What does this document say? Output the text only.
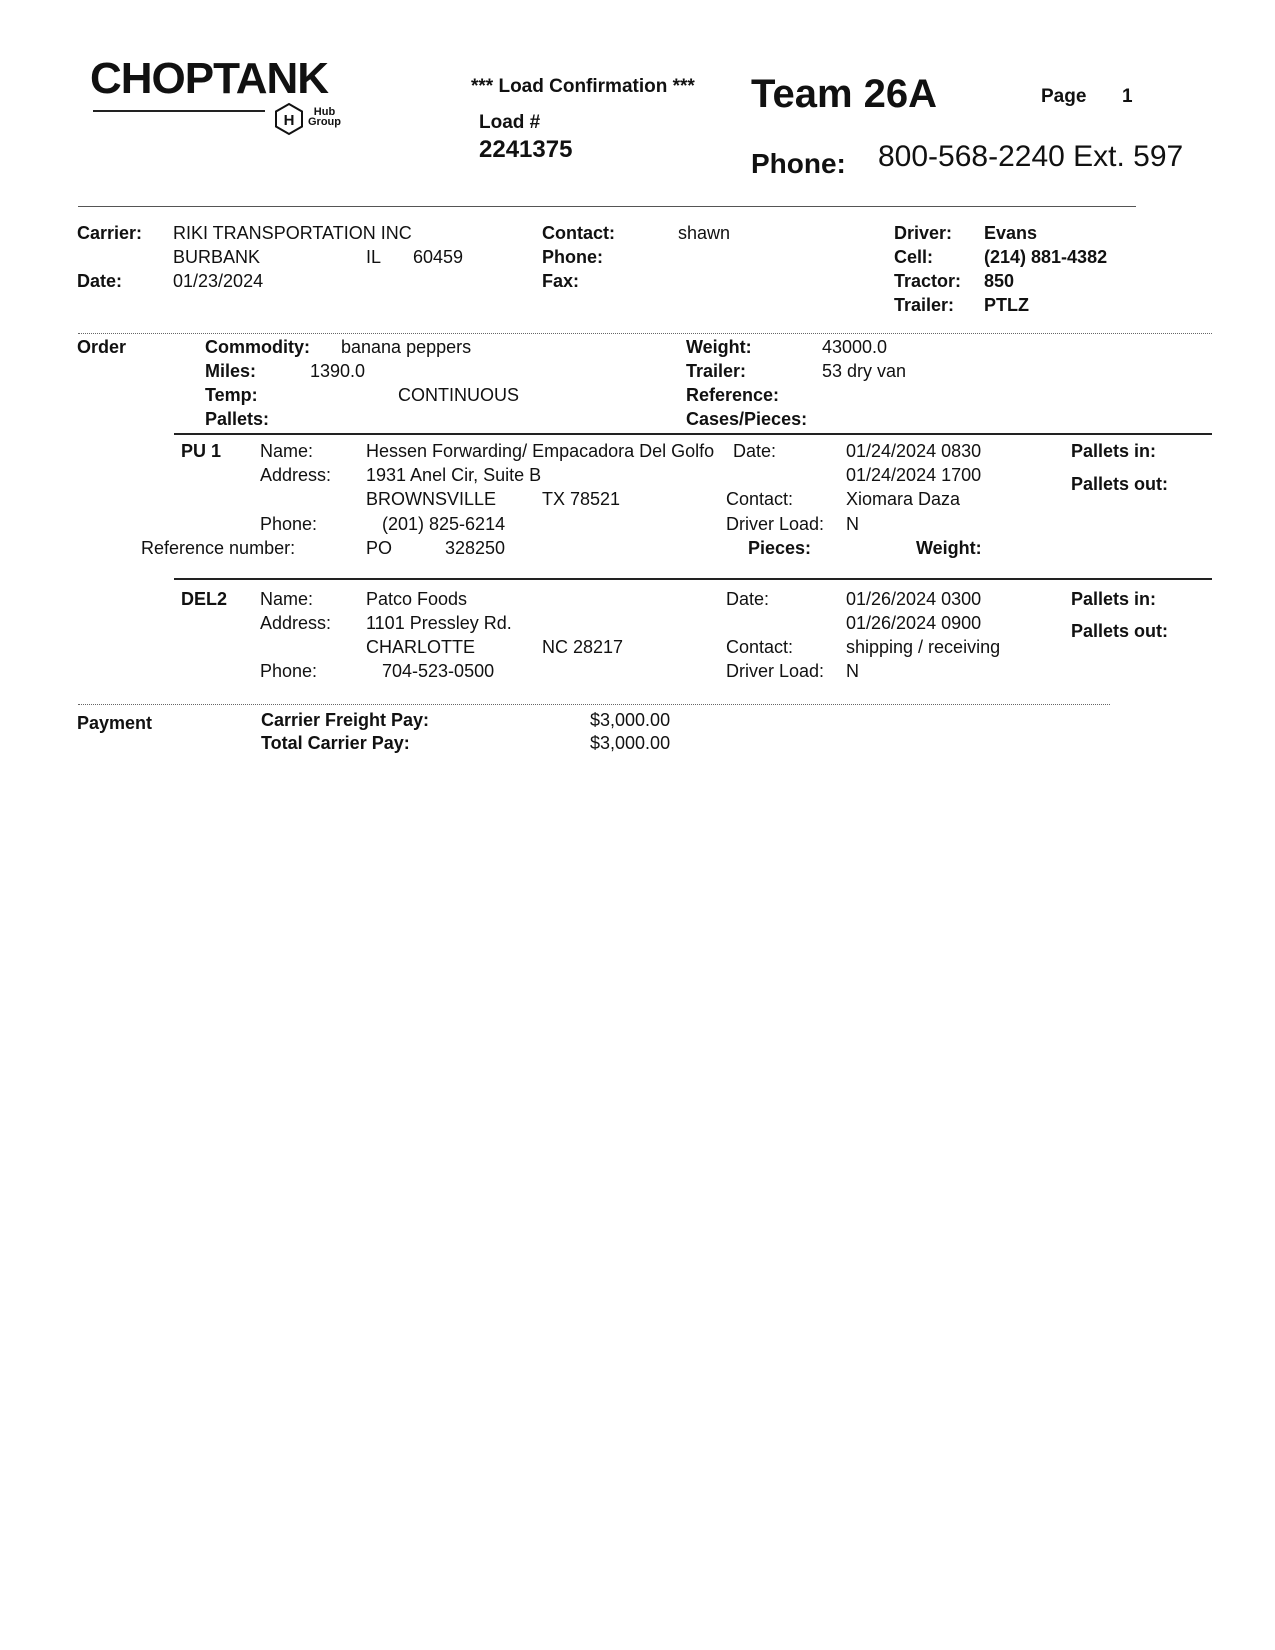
CHOPTANK
H	Hub
Group
*** Load Confirmation ***
Load #
2241375
Team 26A	Page 1
Phone: 800-568-2240 Ext. 597
Carrier: RIKI TRANSPORTATION INC
BURBANK	IL 60459
Date:	01/23/2024
Contact:	shawn
Phone:
Fax:
Driver: Evans
Cell:	(214) 881-4382
Tractor: 850
Trailer: PTLZ
Order	Commodity: banana peppers
Miles:	1390.0
Temp:	CONTINUOUS
Pallets:
Weight:	43000.0
Trailer:	53 dry van
Reference:
Cases/Pieces:
PU 1 Name:	Hessen Forwarding/ Empacadora Del Golfo
Address: 1931 Anel Cir, Suite B
BROWNSVILLE	TX 78521
Phone:	(201) 825-6214
Reference number:	PO	328250
Date:	01/24/2024 0830
01/24/2024 1700
Contact:	Xiomara Daza
Driver Load: N
Pieces:	Weight:
Pallets in:
Pallets out:
DEL2 Name:	Patco Foods
Address: 1101 Pressley Rd.
CHARLOTTE	NC 28217
Phone:	704-523-0500
Date:	01/26/2024 0300
01/26/2024 0900
Contact:	shipping / receiving
Driver Load: N
Pallets in:
Pallets out:
Payment	Carrier Freight Pay:	$3,000.00
Total Carrier Pay:	$3,000.00
